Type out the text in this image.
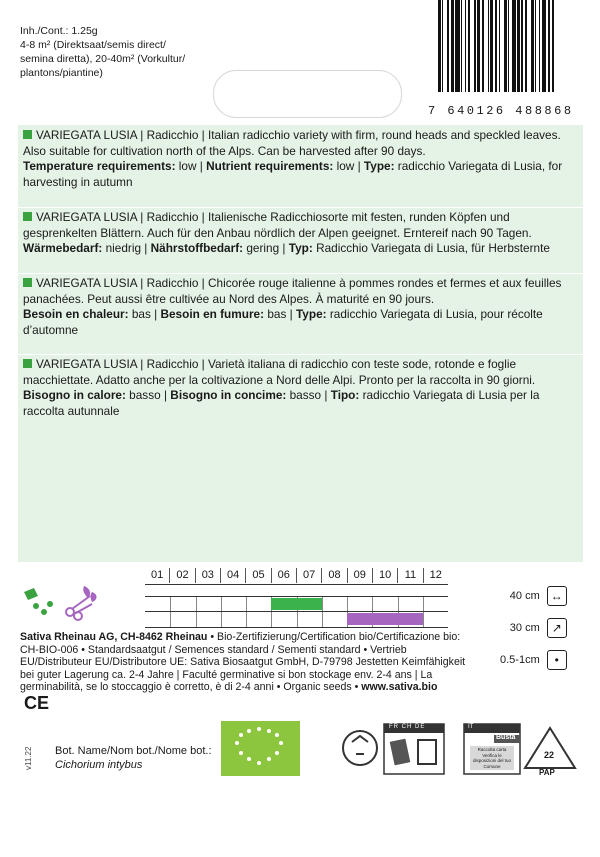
Inh./Cont.: 1.25g
4-8 m² (Direktsaat/semis direct/
semina diretta), 20-40m² (Vorkultur/
plantons/piantine)
7 640126 488868
VARIEGATA LUSIA | Radicchio | Italian radicchio variety with firm, round heads and speckled leaves. Also suitable for cultivation north of the Alps. Can be harvested after 90 days.
Temperature requirements: low | Nutrient requirements: low | Type: radicchio Variegata di Lusia, for harvesting in autumn
VARIEGATA LUSIA | Radicchio | Italienische Radicchiosorte mit festen, runden Köpfen und gesprenkelten Blättern. Auch für den Anbau nördlich der Alpen geeignet. Erntereif nach 90 Tagen.
Wärmebedarf: niedrig | Nährstoffbedarf: gering | Typ: Radicchio Variegata di Lusia, für Herbsternte
VARIEGATA LUSIA | Radicchio | Chicorée rouge italienne à pommes rondes et fermes et aux feuilles panachées. Peut aussi être cultivée au Nord des Alpes. À maturité en 90 jours.
Besoin en chaleur: bas | Besoin en fumure: bas | Type: radicchio Variegata di Lusia, pour récolte d’automne
VARIEGATA LUSIA | Radicchio | Varietà italiana di radicchio con teste sode, rotonde e foglie macchiettate. Adatto anche per la coltivazione a Nord delle Alpi. Pronto per la raccolta in 90 giorni.
Bisogno in calore: basso | Bisogno in concime: basso | Tipo: radicchio Variegata di Lusia per la raccolta autunnale
01	02	03	04	05	06	07	08	09	10	11	12
40 cm ↔
30 cm ↗
0.5-1cm	•
Sativa Rheinau AG, CH-8462 Rheinau • Bio-Zertifizierung/Certification bio/Certificazione bio: CH-BIO-006 • Standardsaatgut / Semences standard / Sementi standard • Vertrieb EU/Distributeur EU/Distributore UE: Sativa Biosaatgut GmbH, D-79798 Jestetten Keimfähigkeit bei guter Lagerung ca. 2-4 Jahre | Faculté germinative si bon stockage env. 2-4 ans | La germinabilità, se lo stoccaggio è corretto, è di 2-4 anni • Organic seeds • www.sativa.bio
CE
v11.22 Bot. Name/Nom bot./Nome bot.:
Cichorium intybus
FR CH DE	IT
Busta
Raccolta carta Verifica le disposizioni del tuo Comune
22
PAP
